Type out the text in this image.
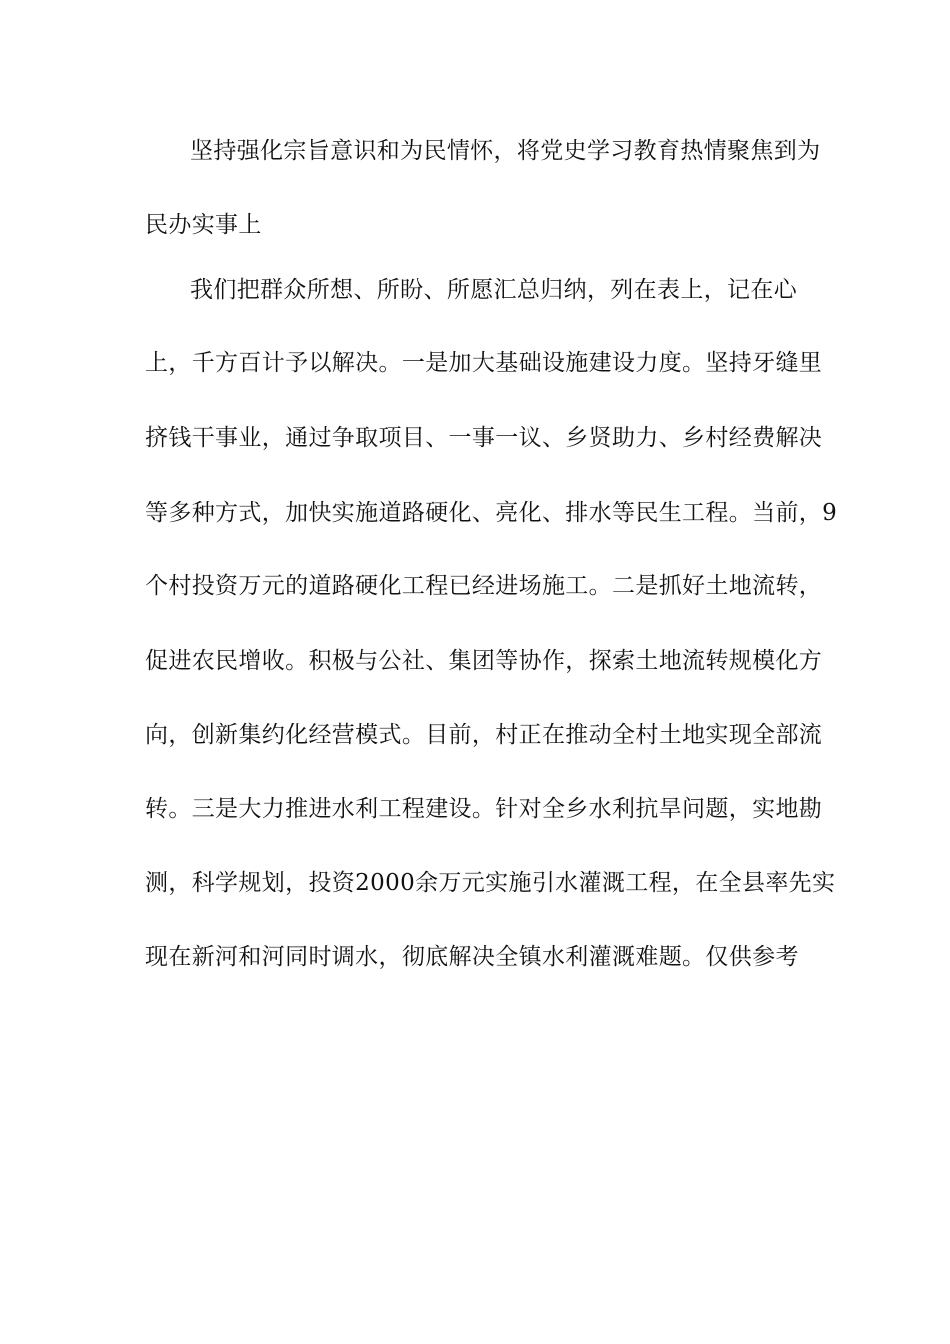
坚持强化宗旨意识和为民情怀，将党史学习教育热情聚焦到为
民办实事上
我们把群众所想、所盼、所愿汇总归纳，列在表上，记在心
上，千方百计予以解决。一是加大基础设施建设力度。坚持牙缝里
挤钱干事业，通过争取项目、一事一议、乡贤助力、乡村经费解决
等多种方式，加快实施道路硬化、亮化、排水等民生工程。当前，9
个村投资万元的道路硬化工程已经进场施工。二是抓好土地流转，
促进农民增收。积极与公社、集团等协作，探索土地流转规模化方
向，创新集约化经营模式。目前，村正在推动全村土地实现全部流
转。三是大力推进水利工程建设。针对全乡水利抗旱问题，实地勘
测，科学规划，投资2000余万元实施引水灌溉工程，在全县率先实
现在新河和河同时调水，彻底解决全镇水利灌溉难题。仅供参考
